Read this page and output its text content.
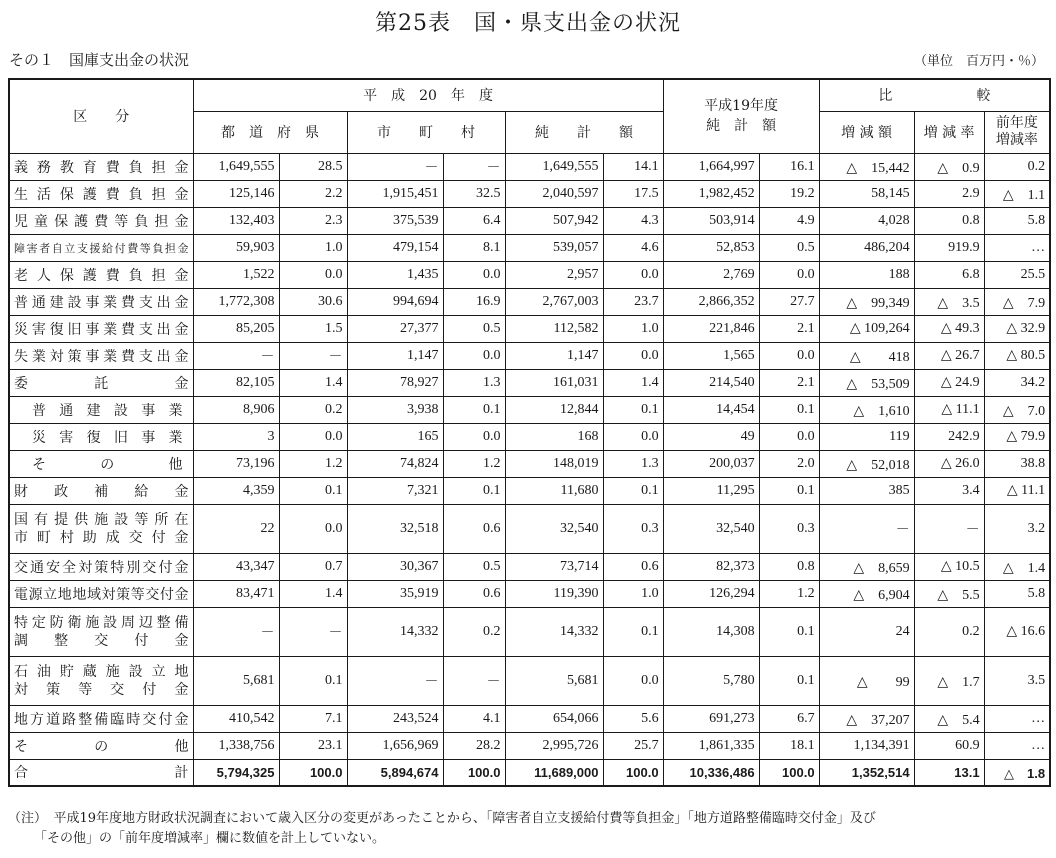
第25表　国・県支出金の状況
その１　国庫支出金の状況	（単位　百万円・％）
区　　分	平　成　20　年　度						平成19年度
純　計　額		比　　　　　　較		
	都　道　府　県		市　　町　　村		純　　計　　額				増 減 額	増 減 率	前年度
増減率

義務教育費負担金	1,649,555	28.5	－	－	1,649,555	14.1	1,664,997	16.1	△　15,442	△　0.9	0.2
生活保護費負担金	125,146	2.2	1,915,451	32.5	2,040,597	17.5	1,982,452	19.2	58,145	2.9	△　1.1
児童保護費等負担金	132,403	2.3	375,539	6.4	507,942	4.3	503,914	4.9	4,028	0.8	5.8
障害者自立支援給付費等負担金	59,903	1.0	479,154	8.1	539,057	4.6	52,853	0.5	486,204	919.9	…
老人保護費負担金	1,522	0.0	1,435	0.0	2,957	0.0	2,769	0.0	188	6.8	25.5
普通建設事業費支出金	1,772,308	30.6	994,694	16.9	2,767,003	23.7	2,866,352	27.7	△　99,349	△　3.5	△　7.9
災害復旧事業費支出金	85,205	1.5	27,377	0.5	112,582	1.0	221,846	2.1	△ 109,264	△ 49.3	△ 32.9
失業対策事業費支出金	－	－	1,147	0.0	1,147	0.0	1,565	0.0	△　　418	△ 26.7	△ 80.5
委　託　金	82,105	1.4	78,927	1.3	161,031	1.4	214,540	2.1	△　53,509	△ 24.9	34.2
普通建設事業	8,906	0.2	3,938	0.1	12,844	0.1	14,454	0.1	△　1,610	△ 11.1	△　7.0
災害復旧事業	3	0.0	165	0.0	168	0.0	49	0.0	119	242.9	△ 79.9
そ　の　他	73,196	1.2	74,824	1.2	148,019	1.3	200,037	2.0	△　52,018	△ 26.0	38.8
財　政　補　給　金	4,359	0.1	7,321	0.1	11,680	0.1	11,295	0.1	385	3.4	△ 11.1

国有提供施設等所在
市町村助成交付金	22	0.0	32,518	0.6	32,540	0.3	32,540	0.3	－	－	3.2
交通安全対策特別交付金	43,347	0.7	30,367	0.5	73,714	0.6	82,373	0.8	△　8,659	△ 10.5	△　1.4
電源立地地域対策等交付金	83,471	1.4	35,919	0.6	119,390	1.0	126,294	1.2	△　6,904	△　5.5	5.8

特定防衛施設周辺整備
調　整　交　付　金	－	－	14,332	0.2	14,332	0.1	14,308	0.1	24	0.2	△ 16.6

石油貯蔵施設立地
対　策　等　交　付　金	5,681	0.1	－	－	5,681	0.0	5,780	0.1	△　　99	△　1.7	3.5
地方道路整備臨時交付金	410,542	7.1	243,524	4.1	654,066	5.6	691,273	6.7	△　37,207	△　5.4	…
そ　　の　　他	1,338,756	23.1	1,656,969	28.2	2,995,726	25.7	1,861,335	18.1	1,134,391	60.9	…
合　　　　計	5,794,325	100.0	5,894,674	100.0	11,689,000	100.0	10,336,486	100.0	1,352,514	13.1	△　1.8
（注）　平成19年度地方財政状況調査において歳入区分の変更があったことから、「障害者自立支援給付費等負担金」「地方道路整備臨時交付金」及び
「その他」の「前年度増減率」欄に数値を計上していない。
